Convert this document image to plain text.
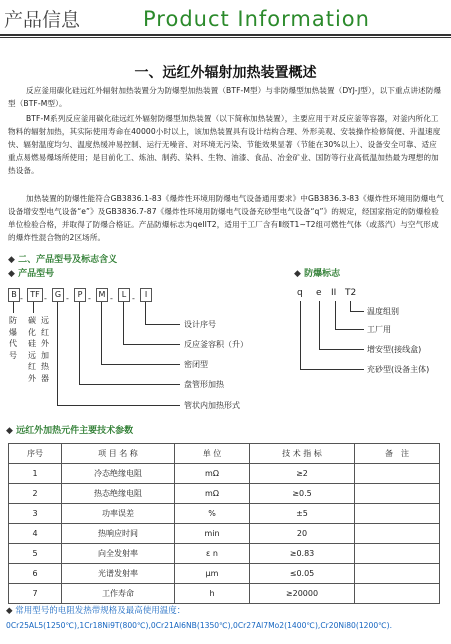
产品信息	Product Information
一、远红外辐射加热装置概述
反应釜用碳化硅远红外辐射加热装置分为防爆型加热装置（BTF-M型）与非防爆型加热装置（DYJ-J型），以下重点讲述防爆型（BTF-M型）。
BTF-M系列反应釜用碳化硅远红外辐射防爆型加热装置（以下简称加热装置），主要应用于对反应釜等容器，对釜内所化工物料的辐射加热，其实际使用寿命在40000小时以上，该加热装置具有设计结构合理、外形美观、安装操作检修简便、升温速度快、辐射温度均匀、温度热缓冲易控制、运行无噪音、对环境无污染、节能效果显著（节能在30%以上）、设备安全可靠、适应重点易燃易爆场所使用；是目前化工、炼油、制药、染料、生物、油漆、食品、冶金矿业、国防等行业高低温加热最为理想的加热设备。
加热装置的防爆性能符合GB3836.1-83《爆炸性环境用防爆电气设备通用要求》中GB3836.3-83《爆炸性环境用防爆电气设备增安型电气设备“e”》及GB3836.7-87《爆炸性环境用防爆电气设备充砂型电气设备“q”》的规定，经国家指定的防爆检验单位检验合格，并取得了防爆合格证。产品防爆标志为qeIIT2，适用于工厂含有Ⅱ级T1~T2组可燃性气体（或蒸汽）与空气形成的爆炸性混合物的2区场所。
◆ 二、产品型号及标志含义
◆ 产品型号	◆ 防爆标志
B - TF -	G -	P - M -	L -	I
防
爆
代
号
碳
化
硅
远
红
外
远
红
外
加
热
器
设计序号
反应釜容积（升）
密闭型
盘管形加热
管状内加热形式
q e II T2
温度组别
工厂用
增安型(接线盒)
充砂型(设备主体)
◆ 远红外加热元件主要技术参数
序号	项 目 名 称	单 位	技 术 指 标	备　注
1	冷态绝缘电阻	mΩ	≥2	
2	热态绝缘电阻	mΩ	≥0.5	
3	功率误差	%	±5	
4	热响应时间	min	20	
5	向全发射率	ε n	≥0.83	
6	光谱发射率	μm	≤0.05	
7	工作寿命	h	≥20000	
◆ 常用型号的电阻发热带规格及最高使用温度：
0Cr25AL5(1250℃),1Cr18Ni9T(800℃),0Cr21Al6NB(1350℃),0Cr27Al7Mo2(1400℃),Cr20Ni80(1200℃).
